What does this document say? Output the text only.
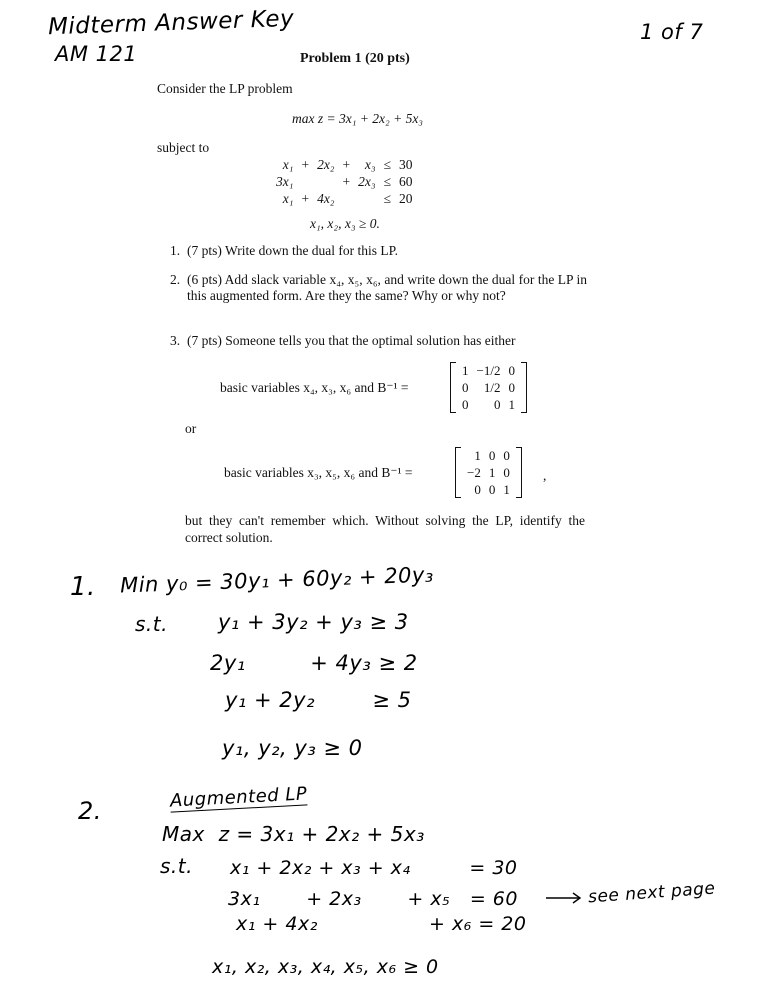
Midterm Answer Key
AM 121
1 of 7
Problem 1 (20 pts)
Consider the LP problem
max z = 3x₁ + 2x₂ + 5x₃
subject to
x₁	+	2x₂	+	x₃	≤	30
3x₁			+	2x₃	≤	60
x₁	+	4x₂			≤	20
x₁, x₂, x₃ ≥ 0.
1. (7 pts) Write down the dual for this LP.
2. (6 pts) Add slack variable x₄, x₅, x₆, and write down the dual for the LP in this augmented form. Are they the same? Why or why not?
3. (7 pts) Someone tells you that the optimal solution has either
basic variables x₄, x₃, x₆ and B⁻¹ =
1	−1/2	0
0	1/2	0
0	0	1
or
basic variables x₃, x₅, x₆ and B⁻¹ =
1	0	0
−2	1	0
0	0	1
,
but they can't remember which. Without solving the LP, identify the correct solution.
1. Min y₀ = 30y₁ + 60y₂ + 20y₃
s.t. y₁ + 3y₂ + y₃ ≥ 3
2y₁         + 4y₃ ≥ 2
y₁ + 2y₂        ≥ 5
y₁, y₂, y₃ ≥ 0
2.	Augmented LP
Max  z = 3x₁ + 2x₂ + 5x₃
s.t. x₁ + 2x₂ + x₃ + x₄         = 30
3x₁       + 2x₃       + x₅   = 60
x₁ + 4x₂                 + x₆ = 20
x₁, x₂, x₃, x₄, x₅, x₆ ≥ 0
see next page
